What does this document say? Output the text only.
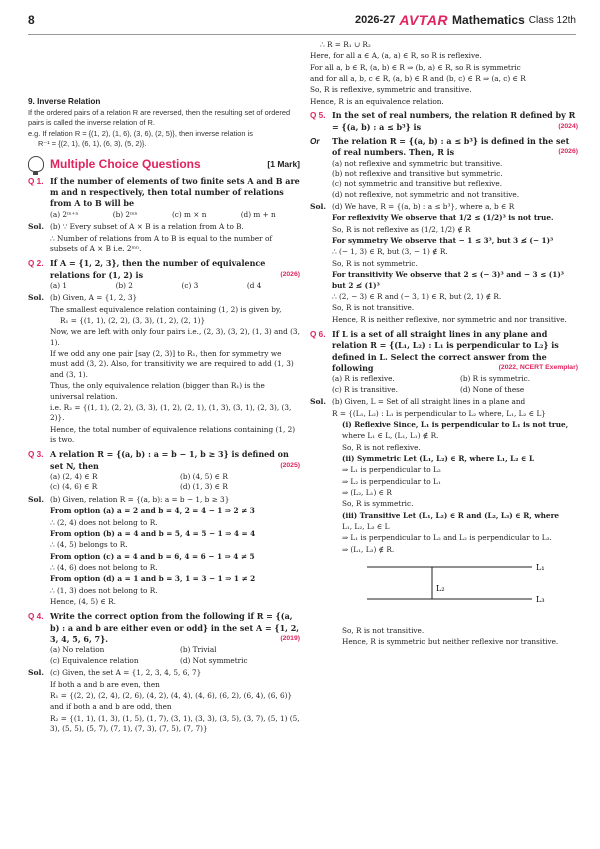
8	2026-27 AVTAR Mathematics Class 12th
9. Inverse Relation
If the ordered pairs of a relation R are reversed, then the resulting set of ordered pairs is called the inverse relation of R.
e.g. If relation R = {(1, 2), (1, 6), (3, 6), (2, 5)}, then inverse relation is
R⁻¹ = {(2, 1), (6, 1), (6, 3), (5, 2)}.
Multiple Choice Questions	[1 Mark]
Q 1. If the number of elements of two finite sets A and B are m and n respectively, then total number of relations from A to B will be
(a) 2ᵐ⁺ⁿ	(b) 2ᵐⁿ	(c) m × n	(d) m + n
Sol. (b) ∵ Every subset of A × B is a relation from A to B.
∴ Number of relations from A to B is equal to the number of subsets of A × B i.e. 2ᵐⁿ.
Q 2. If A = {1, 2, 3}, then the number of equivalence relations for (1, 2) is	(2026)
(a) 1	(b) 2	(c) 3	(d 4
Sol. (b) Given, A = {1, 2, 3}
The smallest equivalence relation containing (1, 2) is given by,
R₁ = {(1, 1), (2, 2), (3, 3), (1, 2), (2, 1)}
Now, we are left with only four pairs i.e., (2, 3), (3, 2), (1, 3) and (3, 1).
If we odd any one pair [say (2, 3)] to R₁, then for symmetry we must add (3, 2). Also, for transitivity we are required to add (1, 3) and (3, 1).
Thus, the only equivalence relation (bigger than R₁) is the universal relation.
i.e. R₂ = {(1, 1), (2, 2), (3, 3), (1, 2), (2, 1), (1, 3), (3, 1), (2, 3), (3, 2)}.
Hence, the total number of equivalence relations containing (1, 2) is two.
Q 3. A relation R = {(a, b) : a = b − 1, b ≥ 3} is defined on set N, then	(2025)
(a) (2, 4) ∈ R	(b) (4, 5) ∈ R
(c) (4, 6) ∈ R	(d) (1, 3) ∈ R
Sol. (b) Given, relation R = {(a, b): a = b − 1, b ≥ 3}
From option (a) a = 2 and b = 4, 2 = 4 − 1 ⇒ 2 ≠ 3
∴ (2, 4) does not belong to R.
From option (b) a = 4 and b = 5, 4 = 5 − 1 ⇒ 4 = 4
∴ (4, 5) belongs to R.
From option (c) a = 4 and b = 6, 4 = 6 − 1 ⇒ 4 ≠ 5
∴ (4, 6) does not belong to R.
From option (d) a = 1 and b = 3, 1 = 3 − 1 ⇒ 1 ≠ 2
∴ (1, 3) does not belong to R.
Hence, (4, 5) ∈ R.
Q 4. Write the correct option from the following if R = {(a, b) : a and b are either even or odd} in the set A = {1, 2, 3, 4, 5, 6, 7}.	(2019)
(a) No relation	(b) Trivial
(c) Equivalence relation	(d) Not symmetric
Sol. (c) Given, the set A = {1, 2, 3, 4, 5, 6, 7}
If both a and b are even, then
R₁ = {(2, 2), (2, 4), (2, 6), (4, 2), (4, 4), (4, 6), (6, 2), (6, 4), (6, 6)}
and if both a and b are odd, then
R₂ = {(1, 1), (1, 3), (1, 5), (1, 7), (3, 1), (3, 3), (3, 5), (3, 7), (5, 1) (5, 3), (5, 5), (5, 7), (7, 1), (7, 3), (7, 5), (7, 7)}
∴ R = R₁ ∪ R₂
Here, for all a ∈ A, (a, a) ∈ R, so R is reflexive.
For all a, b ∈ R, (a, b) ∈ R ⇒ (b, a) ∈ R, so R is symmetric
and for all a, b, c ∈ R, (a, b) ∈ R and (b, c) ∈ R ⇒ (a, c) ∈ R
So, R is reflexive, symmetric and transitive.
Hence, R is an equivalence relation.
Q 5. In the set of real numbers, the relation R defined by R = {(a, b) : a ≤ b³} is	(2024)
Or	The relation R = {(a, b) : a ≤ b³} is defined in the set of real numbers. Then, R is	(2026)
(a) not reflexive and symmetric but transitive.
(b) not reflexive and transitive but symmetric.
(c) not symmetric and transitive but reflexive.
(d) not reflexive, not symmetric and not transitive.
Sol. (d) We have, R = {(a, b) : a ≤ b³}, where a, b ∈ R
For reflexivity We observe that 1/2 ≤ (1/2)³ is not true.
So, R is not reflexive as (1/2, 1/2) ∉ R
For symmetry We observe that − 1 ≤ 3³, but 3 ≰ (− 1)³
∴ (− 1, 3) ∈ R, but (3, − 1) ∉ R.
So, R is not symmetric.
For transitivity We observe that 2 ≤ (− 3)³ and − 3 ≤ (1)³ but 2 ≰ (1)³
∴ (2, − 3) ∈ R and (− 3, 1) ∈ R, but (2, 1) ∉ R.
So, R is not transitive.
Hence, R is neither reflexive, nor symmetric and nor transitive.
Q 6. If L is a set of all straight lines in any plane and relation R = {(L₁, L₂) : L₁ is perpendicular to L₂} is defined in L. Select the correct answer from the following	(2022, NCERT Exemplar)
(a) R is reflexive.	(b) R is symmetric.
(c) R is transitive.	(d) None of these
Sol. (b) Given, L = Set of all straight lines in a plane and
R = {(L₁, L₂) : L₁ is perpendicular to L₂ where, L₁, L₂ ∈ L}
(i) Reflexive Since, L₁ is perpendicular to L₁ is not true,
where L₁ ∈ L, (L₁, L₁) ∉ R.
So, R is not reflexive.
(ii) Symmetric Let (L₁, L₂) ∈ R, where L₁, L₂ ∈ L
⇒ L₁ is perpendicular to L₂
⇒ L₂ is perpendicular to L₁
⇒ (L₂, L₁) ∈ R
So, R is symmetric.
(iii) Transitive Let (L₁, L₂) ∈ R and (L₂, L₃) ∈ R, where
L₁, L₂, L₃ ∈ L
⇒ L₁ is perpendicular to L₂ and L₂ is perpendicular to L₃.
⇒ (L₁, L₃) ∉ R.
L₁
L₂
L₃
So, R is not transitive.
Hence, R is symmetric but neither reflexive nor transitive.
